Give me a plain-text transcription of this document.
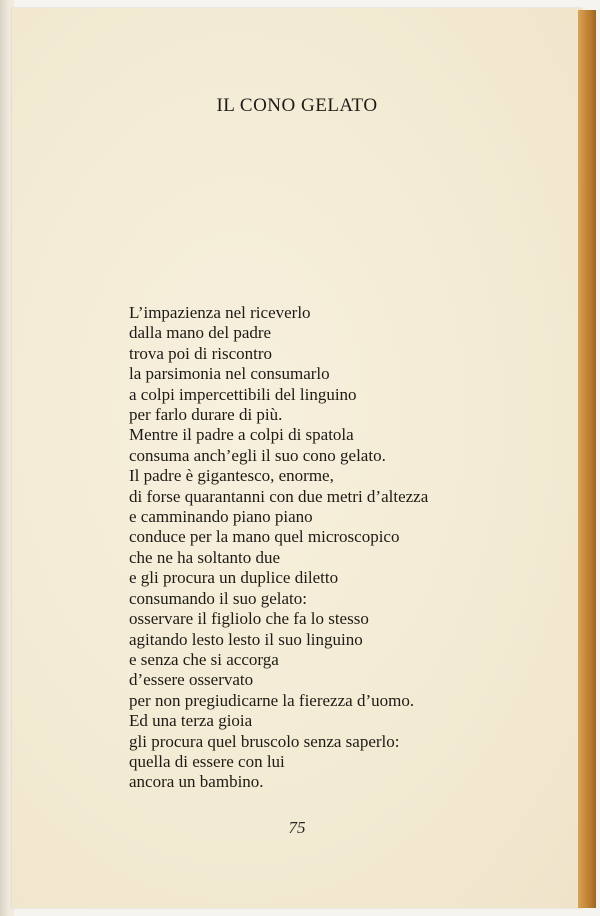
IL CONO GELATO
L’impazienza nel riceverlo
dalla mano del padre
trova poi di riscontro
la parsimonia nel consumarlo
a colpi impercettibili del linguino
per farlo durare di più.
Mentre il padre a colpi di spatola
consuma anch’egli il suo cono gelato.
Il padre è gigantesco, enorme,
di forse quarantanni con due metri d’altezza
e camminando piano piano
conduce per la mano quel microscopico
che ne ha soltanto due
e gli procura un duplice diletto
consumando il suo gelato:
osservare il figliolo che fa lo stesso
agitando lesto lesto il suo linguino
e senza che si accorga
d’essere osservato
per non pregiudicarne la fierezza d’uomo.
Ed una terza gioia
gli procura quel bruscolo senza saperlo:
quella di essere con lui
ancora un bambino.
75
